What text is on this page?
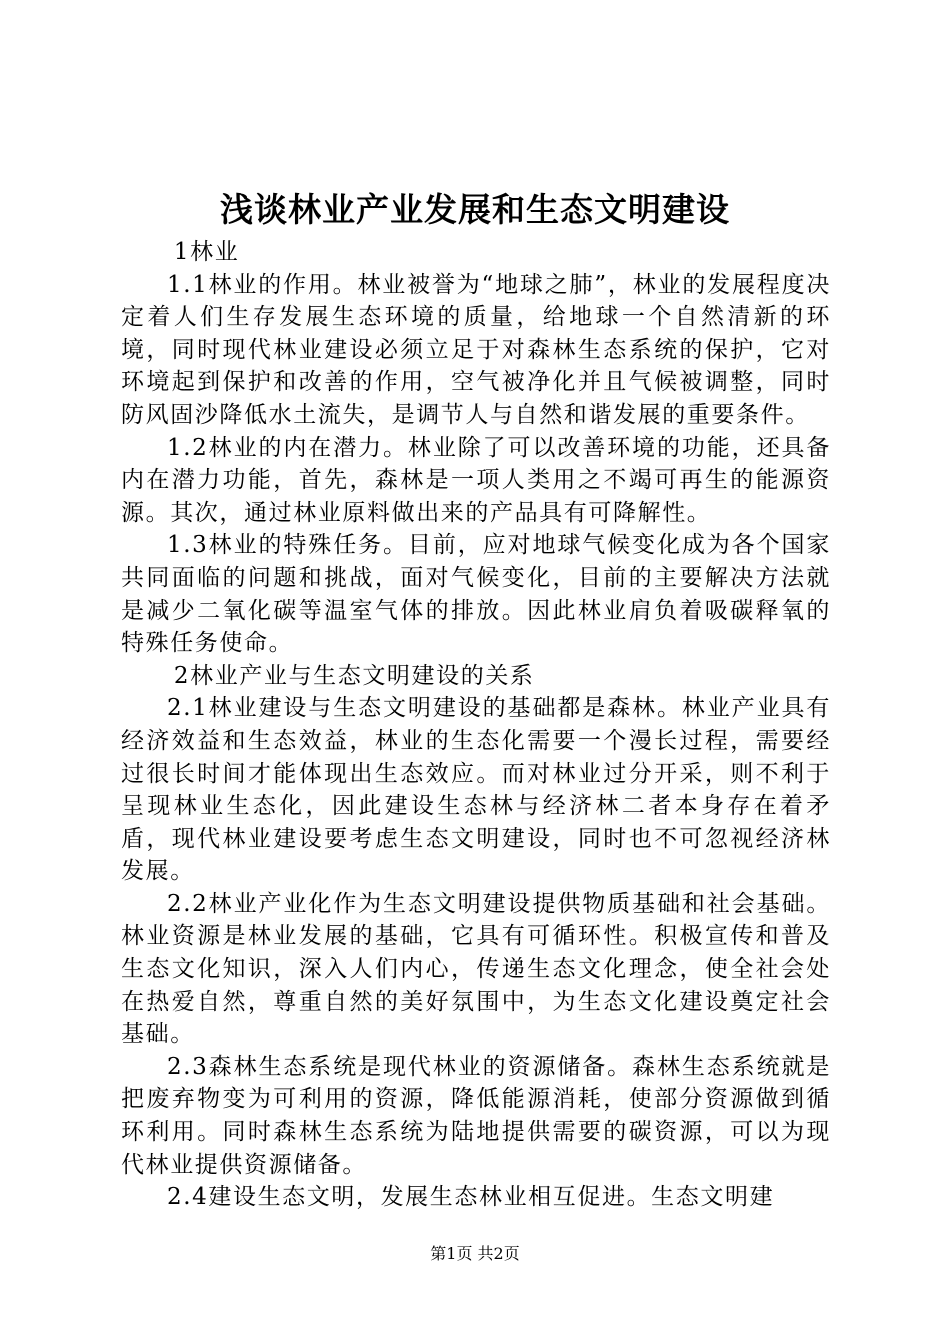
浅谈林业产业发展和生态文明建设

1林业

1.1林业的作用。林业被誉为“地球之肺”，林业的发展程度决定着人们生存发展生态环境的质量，给地球一个自然清新的环境，同时现代林业建设必须立足于对森林生态系统的保护，它对环境起到保护和改善的作用，空气被净化并且气候被调整，同时防风固沙降低水土流失，是调节人与自然和谐发展的重要条件。

1.2林业的内在潜力。林业除了可以改善环境的功能，还具备内在潜力功能，首先，森林是一项人类用之不竭可再生的能源资源。其次，通过林业原料做出来的产品具有可降解性。

1.3林业的特殊任务。目前，应对地球气候变化成为各个国家共同面临的问题和挑战，面对气候变化，目前的主要解决方法就是减少二氧化碳等温室气体的排放。因此林业肩负着吸碳释氧的特殊任务使命。

2林业产业与生态文明建设的关系

2.1林业建设与生态文明建设的基础都是森林。林业产业具有经济效益和生态效益，林业的生态化需要一个漫长过程，需要经过很长时间才能体现出生态效应。而对林业过分开采，则不利于呈现林业生态化，因此建设生态林与经济林二者本身存在着矛盾，现代林业建设要考虑生态文明建设，同时也不可忽视经济林发展。

2.2林业产业化作为生态文明建设提供物质基础和社会基础。林业资源是林业发展的基础，它具有可循环性。积极宣传和普及生态文化知识，深入人们内心，传递生态文化理念，使全社会处在热爱自然，尊重自然的美好氛围中，为生态文化建设奠定社会基础。

2.3森林生态系统是现代林业的资源储备。森林生态系统就是把废弃物变为可利用的资源，降低能源消耗，使部分资源做到循环利用。同时森林生态系统为陆地提供需要的碳资源，可以为现代林业提供资源储备。

2.4建设生态文明，发展生态林业相互促进。生态文明建

第1页 共2页
